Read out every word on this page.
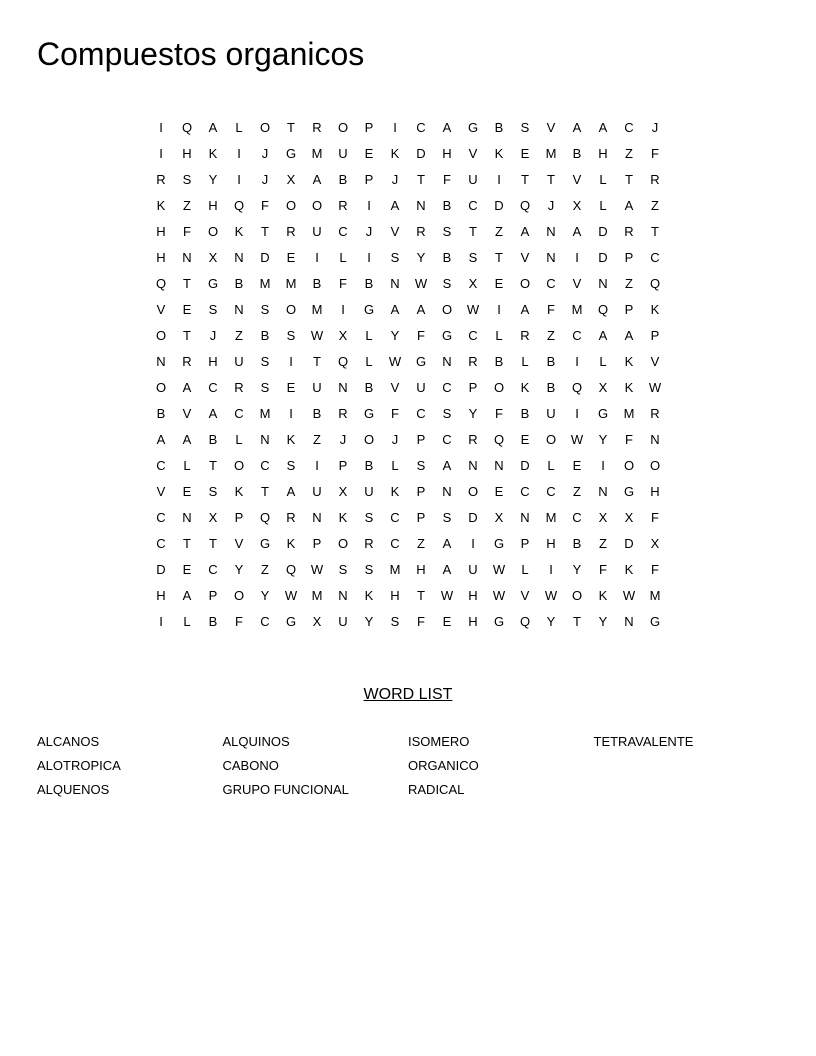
Compuestos organicos
I	Q	A	L	O	T	R	O	P	I	C	A	G	B	S	V	A	A	C	J
I	H	K	I	J	G	M	U	E	K	D	H	V	K	E	M	B	H	Z	F
R	S	Y	I	J	X	A	B	P	J	T	F	U	I	T	T	V	L	T	R
K	Z	H	Q	F	O	O	R	I	A	N	B	C	D	Q	J	X	L	A	Z
H	F	O	K	T	R	U	C	J	V	R	S	T	Z	A	N	A	D	R	T
H	N	X	N	D	E	I	L	I	S	Y	B	S	T	V	N	I	D	P	C
Q	T	G	B	M	M	B	F	B	N	W	S	X	E	O	C	V	N	Z	Q
V	E	S	N	S	O	M	I	G	A	A	O	W	I	A	F	M	Q	P	K
O	T	J	Z	B	S	W	X	L	Y	F	G	C	L	R	Z	C	A	A	P
N	R	H	U	S	I	T	Q	L	W	G	N	R	B	L	B	I	L	K	V
O	A	C	R	S	E	U	N	B	V	U	C	P	O	K	B	Q	X	K	W
B	V	A	C	M	I	B	R	G	F	C	S	Y	F	B	U	I	G	M	R
A	A	B	L	N	K	Z	J	O	J	P	C	R	Q	E	O	W	Y	F	N
C	L	T	O	C	S	I	P	B	L	S	A	N	N	D	L	E	I	O	O
V	E	S	K	T	A	U	X	U	K	P	N	O	E	C	C	Z	N	G	H
C	N	X	P	Q	R	N	K	S	C	P	S	D	X	N	M	C	X	X	F
C	T	T	V	G	K	P	O	R	C	Z	A	I	G	P	H	B	Z	D	X
D	E	C	Y	Z	Q	W	S	S	M	H	A	U	W	L	I	Y	F	K	F
H	A	P	O	Y	W	M	N	K	H	T	W	H	W	V	W	O	K	W	M
I	L	B	F	C	G	X	U	Y	S	F	E	H	G	Q	Y	T	Y	N	G
WORD LIST
ALCANOS
ALOTROPICA
ALQUENOS
ALQUINOS
CABONO
GRUPO FUNCIONAL
ISOMERO
ORGANICO
RADICAL
TETRAVALENTE
